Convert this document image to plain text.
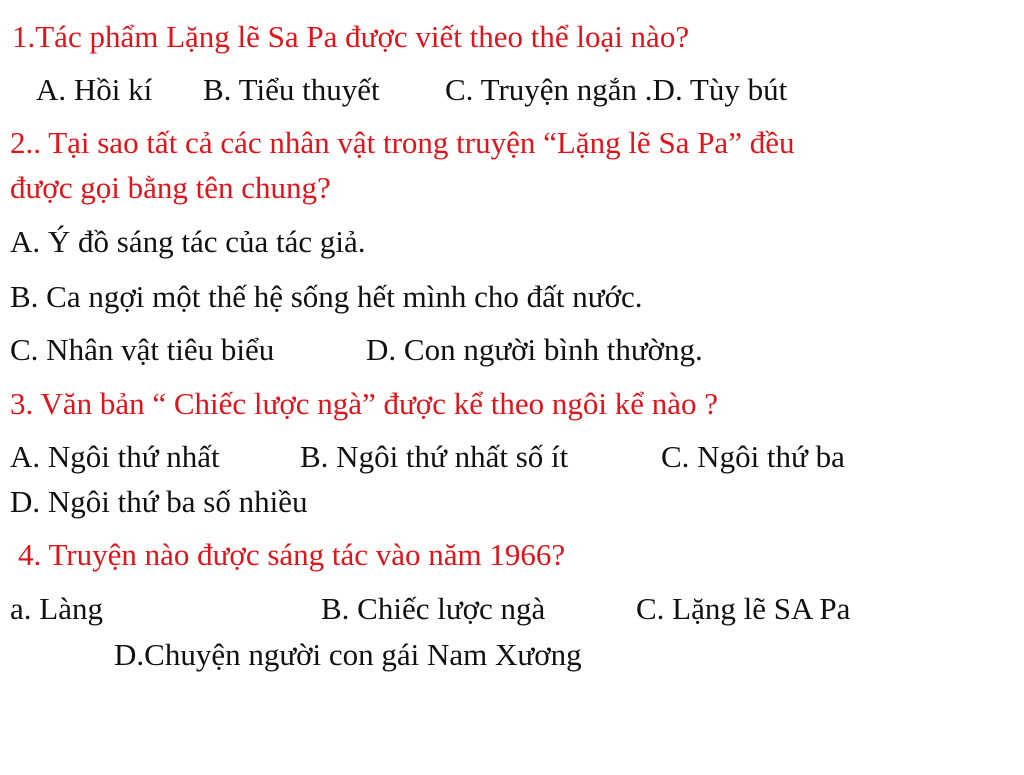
1.Tác phẩm Lặng lẽ Sa Pa được viết theo thể loại nào?
A. Hồi kí B. Tiểu thuyết C. Truyện ngắn .D. Tùy bút
2.. Tại sao tất cả các nhân vật trong truyện “Lặng lẽ Sa Pa” đều
được gọi bằng tên chung?
A. Ý đồ sáng tác của tác giả.
B. Ca ngợi một thế hệ sống hết mình cho đất nước.
C. Nhân vật tiêu biểu	D. Con người bình thường.
3. Văn bản “ Chiếc lược ngà” được kể theo ngôi kể nào ?
A. Ngôi thứ nhất	B. Ngôi thứ nhất số ít	C. Ngôi thứ ba
D. Ngôi thứ ba số nhiều
4. Truyện nào được sáng tác vào năm 1966?
a. Làng	B. Chiếc lược ngà	C. Lặng lẽ SA Pa
D.Chuyện người con gái Nam Xương
